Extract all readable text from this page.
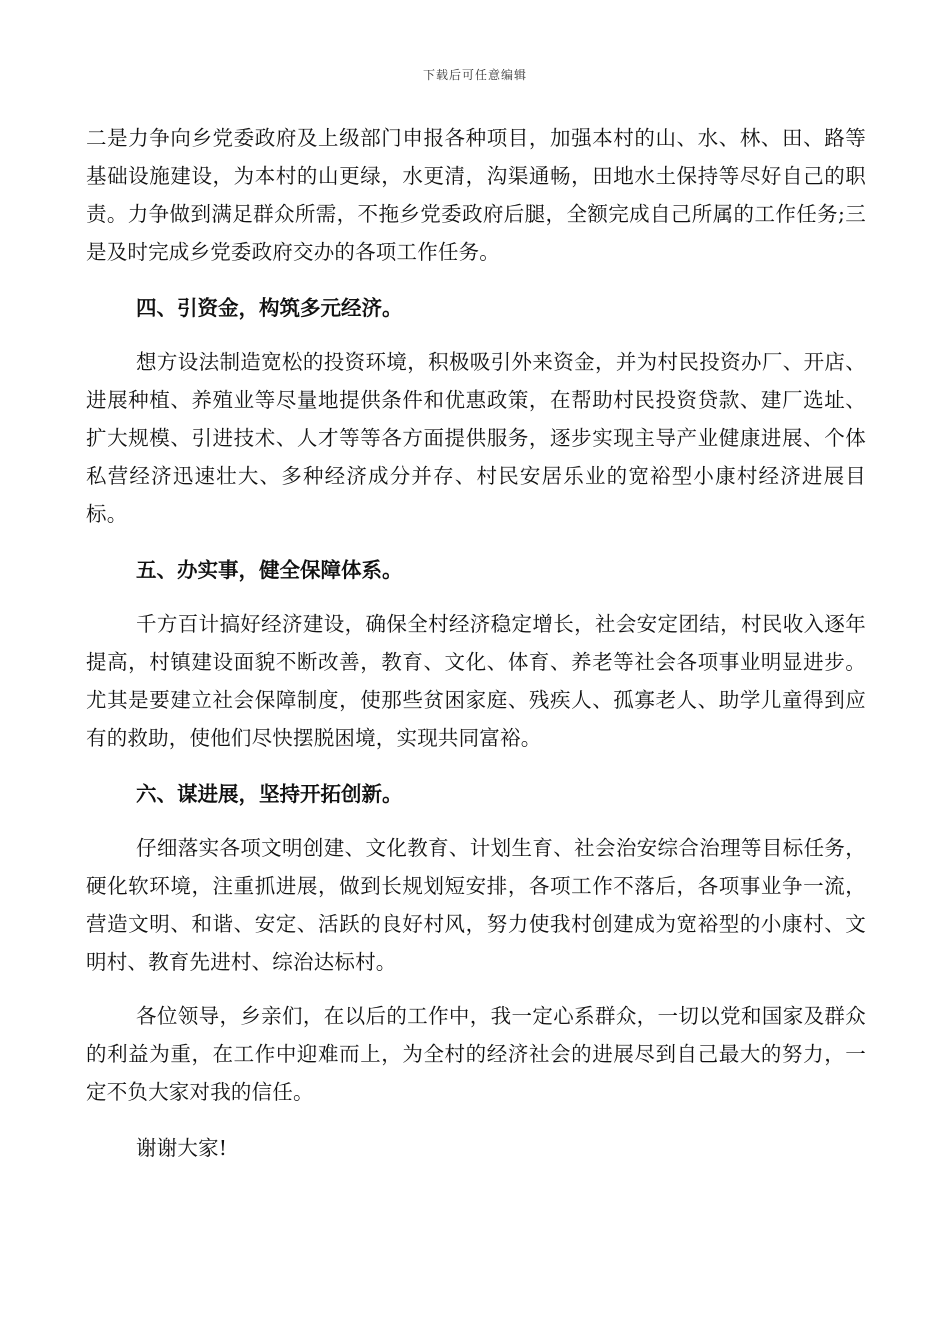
下载后可任意编辑

二是力争向乡党委政府及上级部门申报各种项目，加强本村的山、水、林、田、路等基础设施建设，为本村的山更绿，水更清，沟渠通畅，田地水土保持等尽好自己的职责。力争做到满足群众所需，不拖乡党委政府后腿，全额完成自己所属的工作任务;三是及时完成乡党委政府交办的各项工作任务。

四、引资金，构筑多元经济。

想方设法制造宽松的投资环境，积极吸引外来资金，并为村民投资办厂、开店、进展种植、养殖业等尽量地提供条件和优惠政策，在帮助村民投资贷款、建厂选址、扩大规模、引进技术、人才等等各方面提供服务，逐步实现主导产业健康进展、个体私营经济迅速壮大、多种经济成分并存、村民安居乐业的宽裕型小康村经济进展目标。

五、办实事，健全保障体系。

千方百计搞好经济建设，确保全村经济稳定增长，社会安定团结，村民收入逐年提高，村镇建设面貌不断改善，教育、文化、体育、养老等社会各项事业明显进步。尤其是要建立社会保障制度，使那些贫困家庭、残疾人、孤寡老人、助学儿童得到应有的救助，使他们尽快摆脱困境，实现共同富裕。

六、谋进展，坚持开拓创新。

仔细落实各项文明创建、文化教育、计划生育、社会治安综合治理等目标任务，硬化软环境，注重抓进展，做到长规划短安排，各项工作不落后，各项事业争一流，营造文明、和谐、安定、活跃的良好村风，努力使我村创建成为宽裕型的小康村、文明村、教育先进村、综治达标村。

各位领导，乡亲们，在以后的工作中，我一定心系群众，一切以党和国家及群众的利益为重，在工作中迎难而上，为全村的经济社会的进展尽到自己最大的努力，一定不负大家对我的信任。

谢谢大家!
